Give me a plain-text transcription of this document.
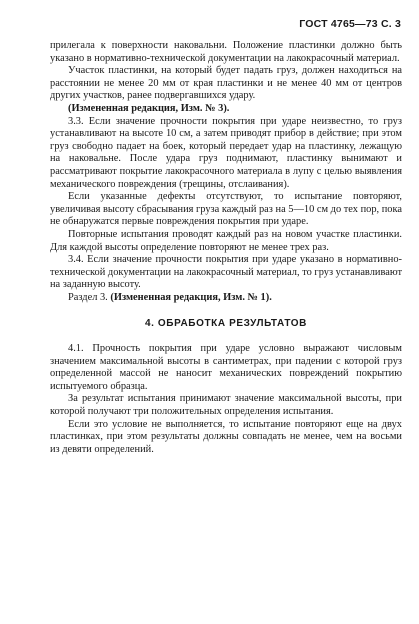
ГОСТ 4765—73 С. 3

прилегала к поверхности наковальни. Положение пластинки должно быть указано в нормативно-технической документации на лакокрасочный материал.

Участок пластинки, на который будет падать груз, должен находиться на расстоянии не менее 20 мм от края пластинки и не менее 40 мм от центров других участков, ранее подвергавшихся удару.

(Измененная редакция, Изм. № 3).

3.3. Если значение прочности покрытия при ударе неизвестно, то груз устанавливают на высоте 10 см, а затем приводят прибор в действие; при этом груз свободно падает на боек, который передает удар на пластинку, лежащую на наковальне. После удара груз поднимают, пластинку вынимают и рассматривают покрытие лакокрасочного материала в лупу с целью выявления механического повреждения (трещины, отслаивания).

Если указанные дефекты отсутствуют, то испытание повторяют, увеличивая высоту сбрасывания груза каждый раз на 5—10 см до тех пор, пока не обнаружатся первые повреждения покрытия при ударе.

Повторные испытания проводят каждый раз на новом участке пластинки. Для каждой высоты определение повторяют не менее трех раз.

3.4. Если значение прочности покрытия при ударе указано в нормативно-технической документации на лакокрасочный материал, то груз устанавливают на заданную высоту.

Раздел 3. (Измененная редакция, Изм. № 1).

4. ОБРАБОТКА РЕЗУЛЬТАТОВ

4.1. Прочность покрытия при ударе условно выражают числовым значением максимальной высоты в сантиметрах, при падении с которой груз определенной массой не наносит механических повреждений покрытию испытуемого образца.

За результат испытания принимают значение максимальной высоты, при которой получают три положительных определения испытания.

Если это условие не выполняется, то испытание повторяют еще на двух пластинках, при этом результаты должны совпадать не менее, чем на восьми из девяти определений.
